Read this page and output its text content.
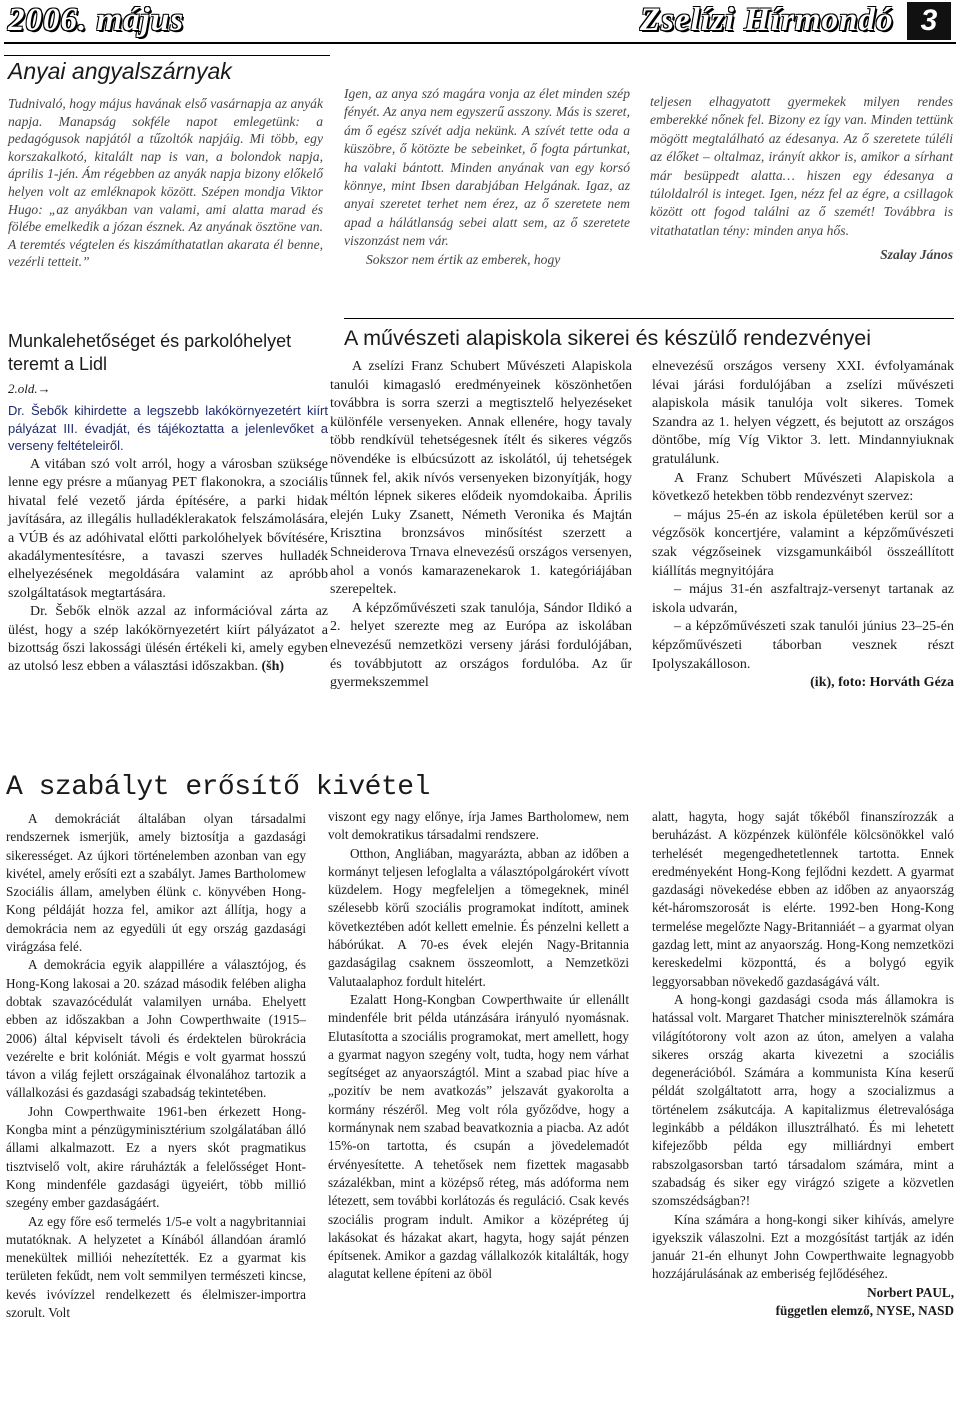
2006. május	Zselízi Hírmondó 3
Anyai angyalszárnyak

Tudnivaló, hogy május havának első vasárnapja az anyák napja. Manapság sokféle napot emlegetünk: a pedagógusok napjától a tűzoltók napjáig. Mi több, egy korszakalkotó, kitalált nap is van, a bolondok napja, április 1-jén. Ám régebben az anyák napja bizony előkelő helyen volt az emléknapok között. Szépen mondja Viktor Hugo: „az anyákban van valami, ami alatta marad és fölébe emelkedik a józan észnek. Az anyának ösztöne van. A teremtés végtelen és kiszámíthatatlan akarata él benne, vezérli tetteit.”

Igen, az anya szó magára vonja az élet minden szép fényét. Az anya nem egyszerű asszony. Más is szeret, ám ő egész szívét adja nekünk. A szívét tette oda a küszöbre, ő kötözte be sebeinket, ő fogta pártunkat, ha valaki bántott. Minden anyának van egy korsó könnye, mint Ibsen darabjában Helgának. Igaz, az anyai szeretet terhet nem érez, az ő szeretete nem apad a hálátlanság sebei alatt sem, az ő szeretete viszonzást nem vár.

Sokszor nem értik az emberek, hogy

teljesen elhagyatott gyermekek milyen rendes emberekké nőnek fel. Bizony ez így van. Minden tettünk mögött megtalálható az édesanya. Az ő szeretete túléli az élőket – oltalmaz, irányít akkor is, amikor a sírhant már besüppedt alatta… hiszen egy édesanya a túloldalról is integet. Igen, nézz fel az égre, a csillagok között ott fogod találni az ő szemét! Továbbra is vitathatatlan tény: minden anya hős.

Szalay János

Munkalehetőséget és parkolóhelyet teremt a Lidl
2.old.→

Dr. Šebők kihirdette a legszebb lakókörnyezetért kiírt pályázat III. évadját, és tájékoztatta a jelenlevőket a verseny feltételeiről.

A vitában szó volt arról, hogy a városban szüksége lenne egy présre a műanyag PET flakonokra, a szociális hivatal felé vezető járda építésére, a parki hidak javítására, az illegális hulladéklerakatok felszámolására, a VÚB és az adóhivatal előtti parkolóhelyek bővítésére, akadálymentesítésre, a tavaszi szerves hulladék elhelyezésének megoldására valamint az apróbb szolgáltatások megtartására.

Dr. Šebők elnök azzal az információval zárta az ülést, hogy a szép lakókörnyezetért kiírt pályázatot a bizottság őszi lakossági ülésén értékeli ki, amely egyben az utolsó lesz ebben a választási időszakban. (šh)

A művészeti alapiskola sikerei és készülő rendezvényei

A zselízi Franz Schubert Művészeti Alapiskola tanulói kimagasló eredményeinek köszönhetően továbbra is sorra szerzi a megtisztelő helyezéseket különféle versenyeken. Annak ellenére, hogy tavaly több rendkívül tehetségesnek ítélt és sikeres végzős növendéke is elbúcsúzott az iskolától, új tehetségek tűnnek fel, akik nívós versenyeken bizonyítják, hogy méltón lépnek sikeres elődeik nyomdokaiba. Április elején Luky Zsanett, Németh Veronika és Majtán Krisztina bronzsávos minősítést szerzett a Schneiderova Trnava elnevezésű országos versenyen, ahol a vonós kamarazenekarok 1. kategóriájában szerepeltek.

A képzőművészeti szak tanulója, Sándor Ildikó a 2. helyet szerezte meg az Európa az iskolában elnevezésű nemzetközi verseny járási fordulójában, és továbbjutott az országos fordulóba. Az űr gyermekszemmel

elnevezésű országos verseny XXI. évfolyamának lévai járási fordulójában a zselízi művészeti alapiskola másik tanulója volt sikeres. Tomek Szandra az 1. helyen végzett, és bejutott az országos döntőbe, míg Víg Viktor 3. lett. Mindannyiuknak gratulálunk.

A Franz Schubert Művészeti Alapiskola a következő hetekben több rendezvényt szervez:

– május 25-én az iskola épületében kerül sor a végzősök koncertjére, valamint a képzőművészeti szak végzőseinek vizsgamunkáiból összeállított kiállítás megnyitójára

– május 31-én aszfaltrajz-versenyt tartanak az iskola udvarán,

– a képzőművészeti szak tanulói június 23–25-én képzőművészeti táborban vesznek részt Ipolyszakálloson.

(ik), foto: Horváth Géza

A szabályt erősítő kivétel

A demokráciát általában olyan társadalmi rendszernek ismerjük, amely biztosítja a gazdasági sikerességet. Az újkori történelemben azonban van egy kivétel, amely erősíti ezt a szabályt. James Bartholomew Szociális állam, amelyben élünk c. könyvében Hong-Kong példáját hozza fel, amikor azt állítja, hogy a demokrácia nem az egyedüli út egy ország gazdasági virágzása felé.

A demokrácia egyik alappillére a választójog, és Hong-Kong lakosai a 20. század második felében aligha dobtak szavazócédulát valamilyen urnába. Ehelyett ebben az időszakban a John Cowperthwaite (1915–2006) által képviselt távoli és érdektelen bürokrácia vezérelte e brit kolóniát. Mégis e volt gyarmat hosszú távon a világ fejlett országainak élvonalához tartozik a vállalkozási és gazdasági szabadság tekintetében.

John Cowperthwaite 1961-ben érkezett Hong-Kongba mint a pénzügyminisztérium szolgálatában álló állami alkalmazott. Ez a nyers skót pragmatikus tisztviselő volt, akire ráruházták a felelősséget Hont-Kong mindenféle gazdasági ügyeiért, több millió szegény ember gazdaságáért.

Az egy főre eső termelés 1/5-e volt a nagybritanniai mutatóknak. A helyzetet a Kínából állandóan áramló menekültek milliói nehezítették. Ez a gyarmat kis területen fekűdt, nem volt semmilyen természeti kincse, kevés ivóvízzel rendelkezett és élelmiszer-importra szorult. Volt

viszont egy nagy előnye, írja James Bartholomew, nem volt demokratikus társadalmi rendszere.

Otthon, Angliában, magyarázta, abban az időben a kormányt teljesen lefoglalta a választópolgárokért vívott küzdelem. Hogy megfeleljen a tömegeknek, minél szélesebb körű szociális programokat indított, aminek következtében adót kellett emelnie. És pénzelni kellett a hábórúkat. A 70-es évek elején Nagy-Britannia gazdaságilag csaknem összeomlott, a Nemzetközi Valutaalaphoz fordult hitelért.

Ezalatt Hong-Kongban Cowperthwaite úr ellenállt mindenféle brit példa utánzására irányuló nyomásnak. Elutasította a szociális programokat, mert amellett, hogy a gyarmat nagyon szegény volt, tudta, hogy nem várhat segítséget az anyaországtól. Mint a szabad piac híve a „pozitív be nem avatkozás” jelszavát gyakorolta a kormány részéről. Meg volt róla győződve, hogy a kormánynak nem szabad beavatkoznia a piacba. Az adót 15%-on tartotta, és csupán a jövedelemadót érvényesítette. A tehetősek nem fizettek magasabb százalékban, mint a középső réteg, más adóforma nem létezett, sem további korlátozás és reguláció. Csak kevés szociális program indult. Amikor a középréteg új lakásokat és házakat akart, hagyta, hogy saját pénzen építsenek. Amikor a gazdag vállalkozók kitalálták, hogy alagutat kellene építeni az öböl

alatt, hagyta, hogy saját tőkéből finanszírozzák a beruházást. A közpénzek különféle kölcsönökkel való terhelését megengedhetetlennek tartotta. Ennek eredményeként Hong-Kong fejlődni kezdett. A gyarmat gazdasági növekedése ebben az időben az anyaország két-háromszorosát is elérte. 1992-ben Hong-Kong termelése megelőzte Nagy-Britanniáét – a gyarmat olyan gazdag lett, mint az anyaország. Hong-Kong nemzetközi kereskedelmi központtá, és a bolygó egyik leggyorsabban növekedő gazdaságává vált.

A hong-kongi gazdasági csoda más államokra is hatással volt. Margaret Thatcher miniszterelnök számára világítótorony volt azon az úton, amelyen a valaha sikeres ország akarta kivezetni a szociális degenerációból. Számára a kommunista Kína keserű példát szolgáltatott arra, hogy a szocializmus a történelem zsákutcája. A kapitalizmus életrevalósága leginkább a példákon illusztrálható. És mi lehetett kifejezőbb példa egy milliárdnyi embert rabszolgasorsban tartó társadalom számára, mint a szabadság és siker egy virágzó szigete a közvetlen szomszédságban?!

Kína számára a hong-kongi siker kihívás, amelyre igyekszik válaszolni. Ezt a mozgósítást tartják az idén január 21-én elhunyt John Cowperthwaite legnagyobb hozzájárulásának az emberiség fejlődéséhez.

Norbert PAUL,

független elemző, NYSE, NASD
